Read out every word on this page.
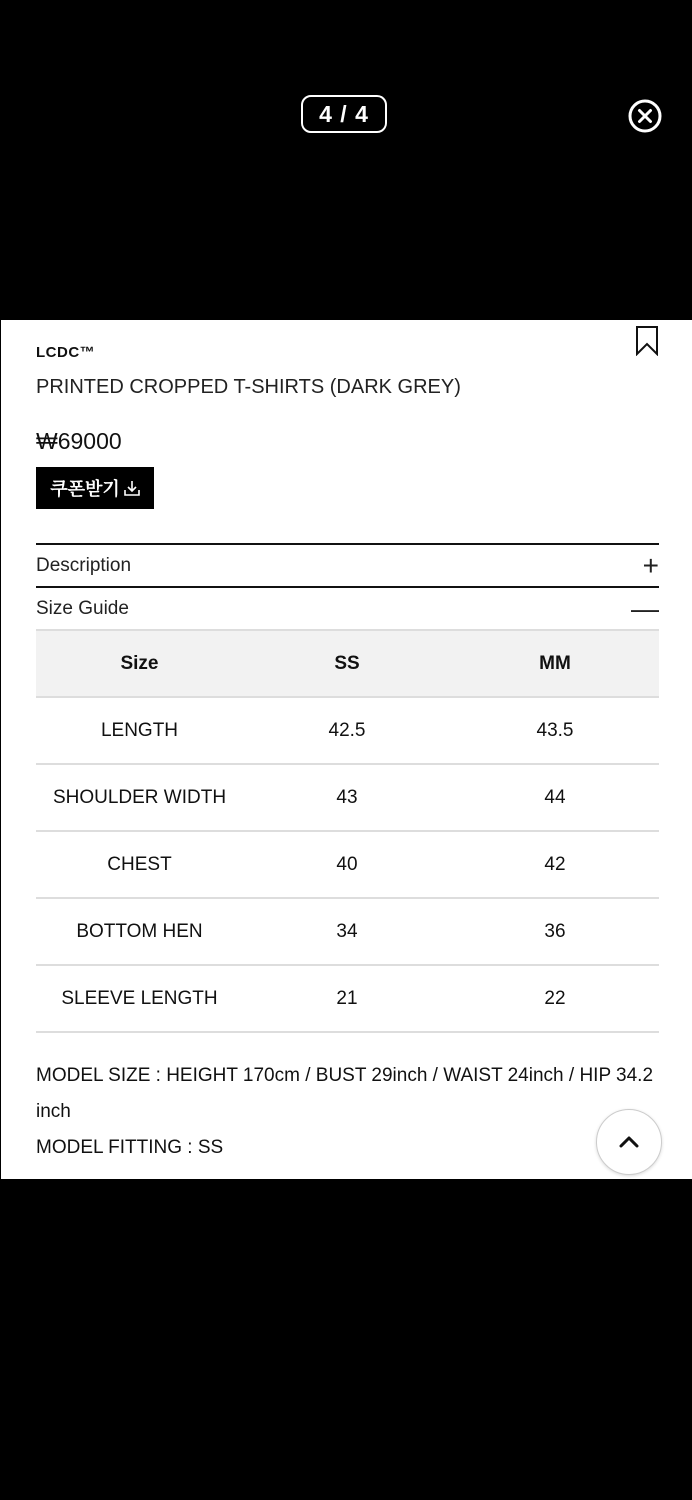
4 / 4
LCDC™
PRINTED CROPPED T-SHIRTS (DARK GREY)
₩69000
쿠폰받기
Description	+
Size Guide	—
Size	SS	MM
LENGTH	42.5	43.5
SHOULDER WIDTH	43	44
CHEST	40	42
BOTTOM HEN	34	36
SLEEVE LENGTH	21	22
MODEL SIZE : HEIGHT 170cm / BUST 29inch / WAIST 24inch / HIP 34.2inch
MODEL FITTING : SS
